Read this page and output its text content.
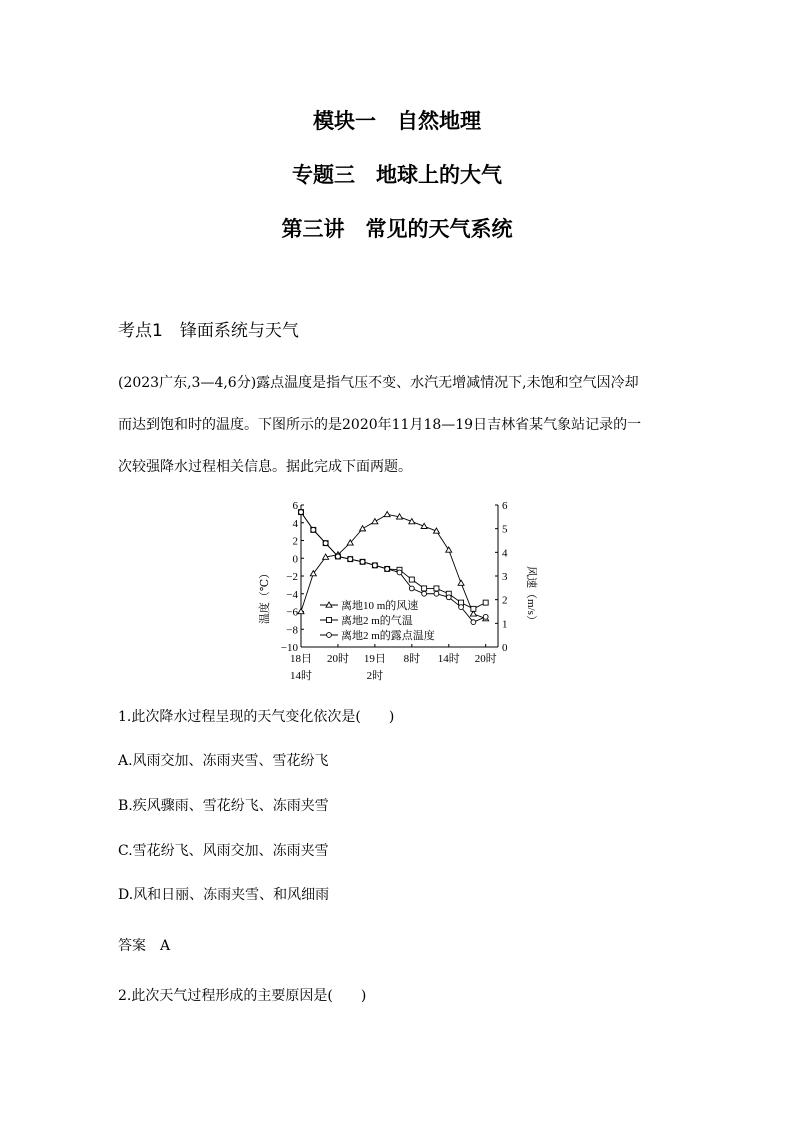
模块一　自然地理
专题三　地球上的大气
第三讲　常见的天气系统
考点1　锋面系统与天气
(2023广东,3—4,6分)露点温度是指气压不变、水汽无增减情况下,未饱和空气因冷却
而达到饱和时的温度。下图所示的是2020年11月18—19日吉林省某气象站记录的一
次较强降水过程相关信息。据此完成下面两题。
−10
−8
−6
−4
−2
0
2
4
6
0
1
2
3
4
5
6
18日
14时
20时 19日
2时
8时 14时 20时
温度（℃）	风速（m/s）
离地10 m的风速
离地2 m的气温
离地2 m的露点温度
1.此次降水过程呈现的天气变化依次是(　　)
A.风雨交加、冻雨夹雪、雪花纷飞
B.疾风骤雨、雪花纷飞、冻雨夹雪
C.雪花纷飞、风雨交加、冻雨夹雪
D.风和日丽、冻雨夹雪、和风细雨
答案　A
2.此次天气过程形成的主要原因是(　　)
